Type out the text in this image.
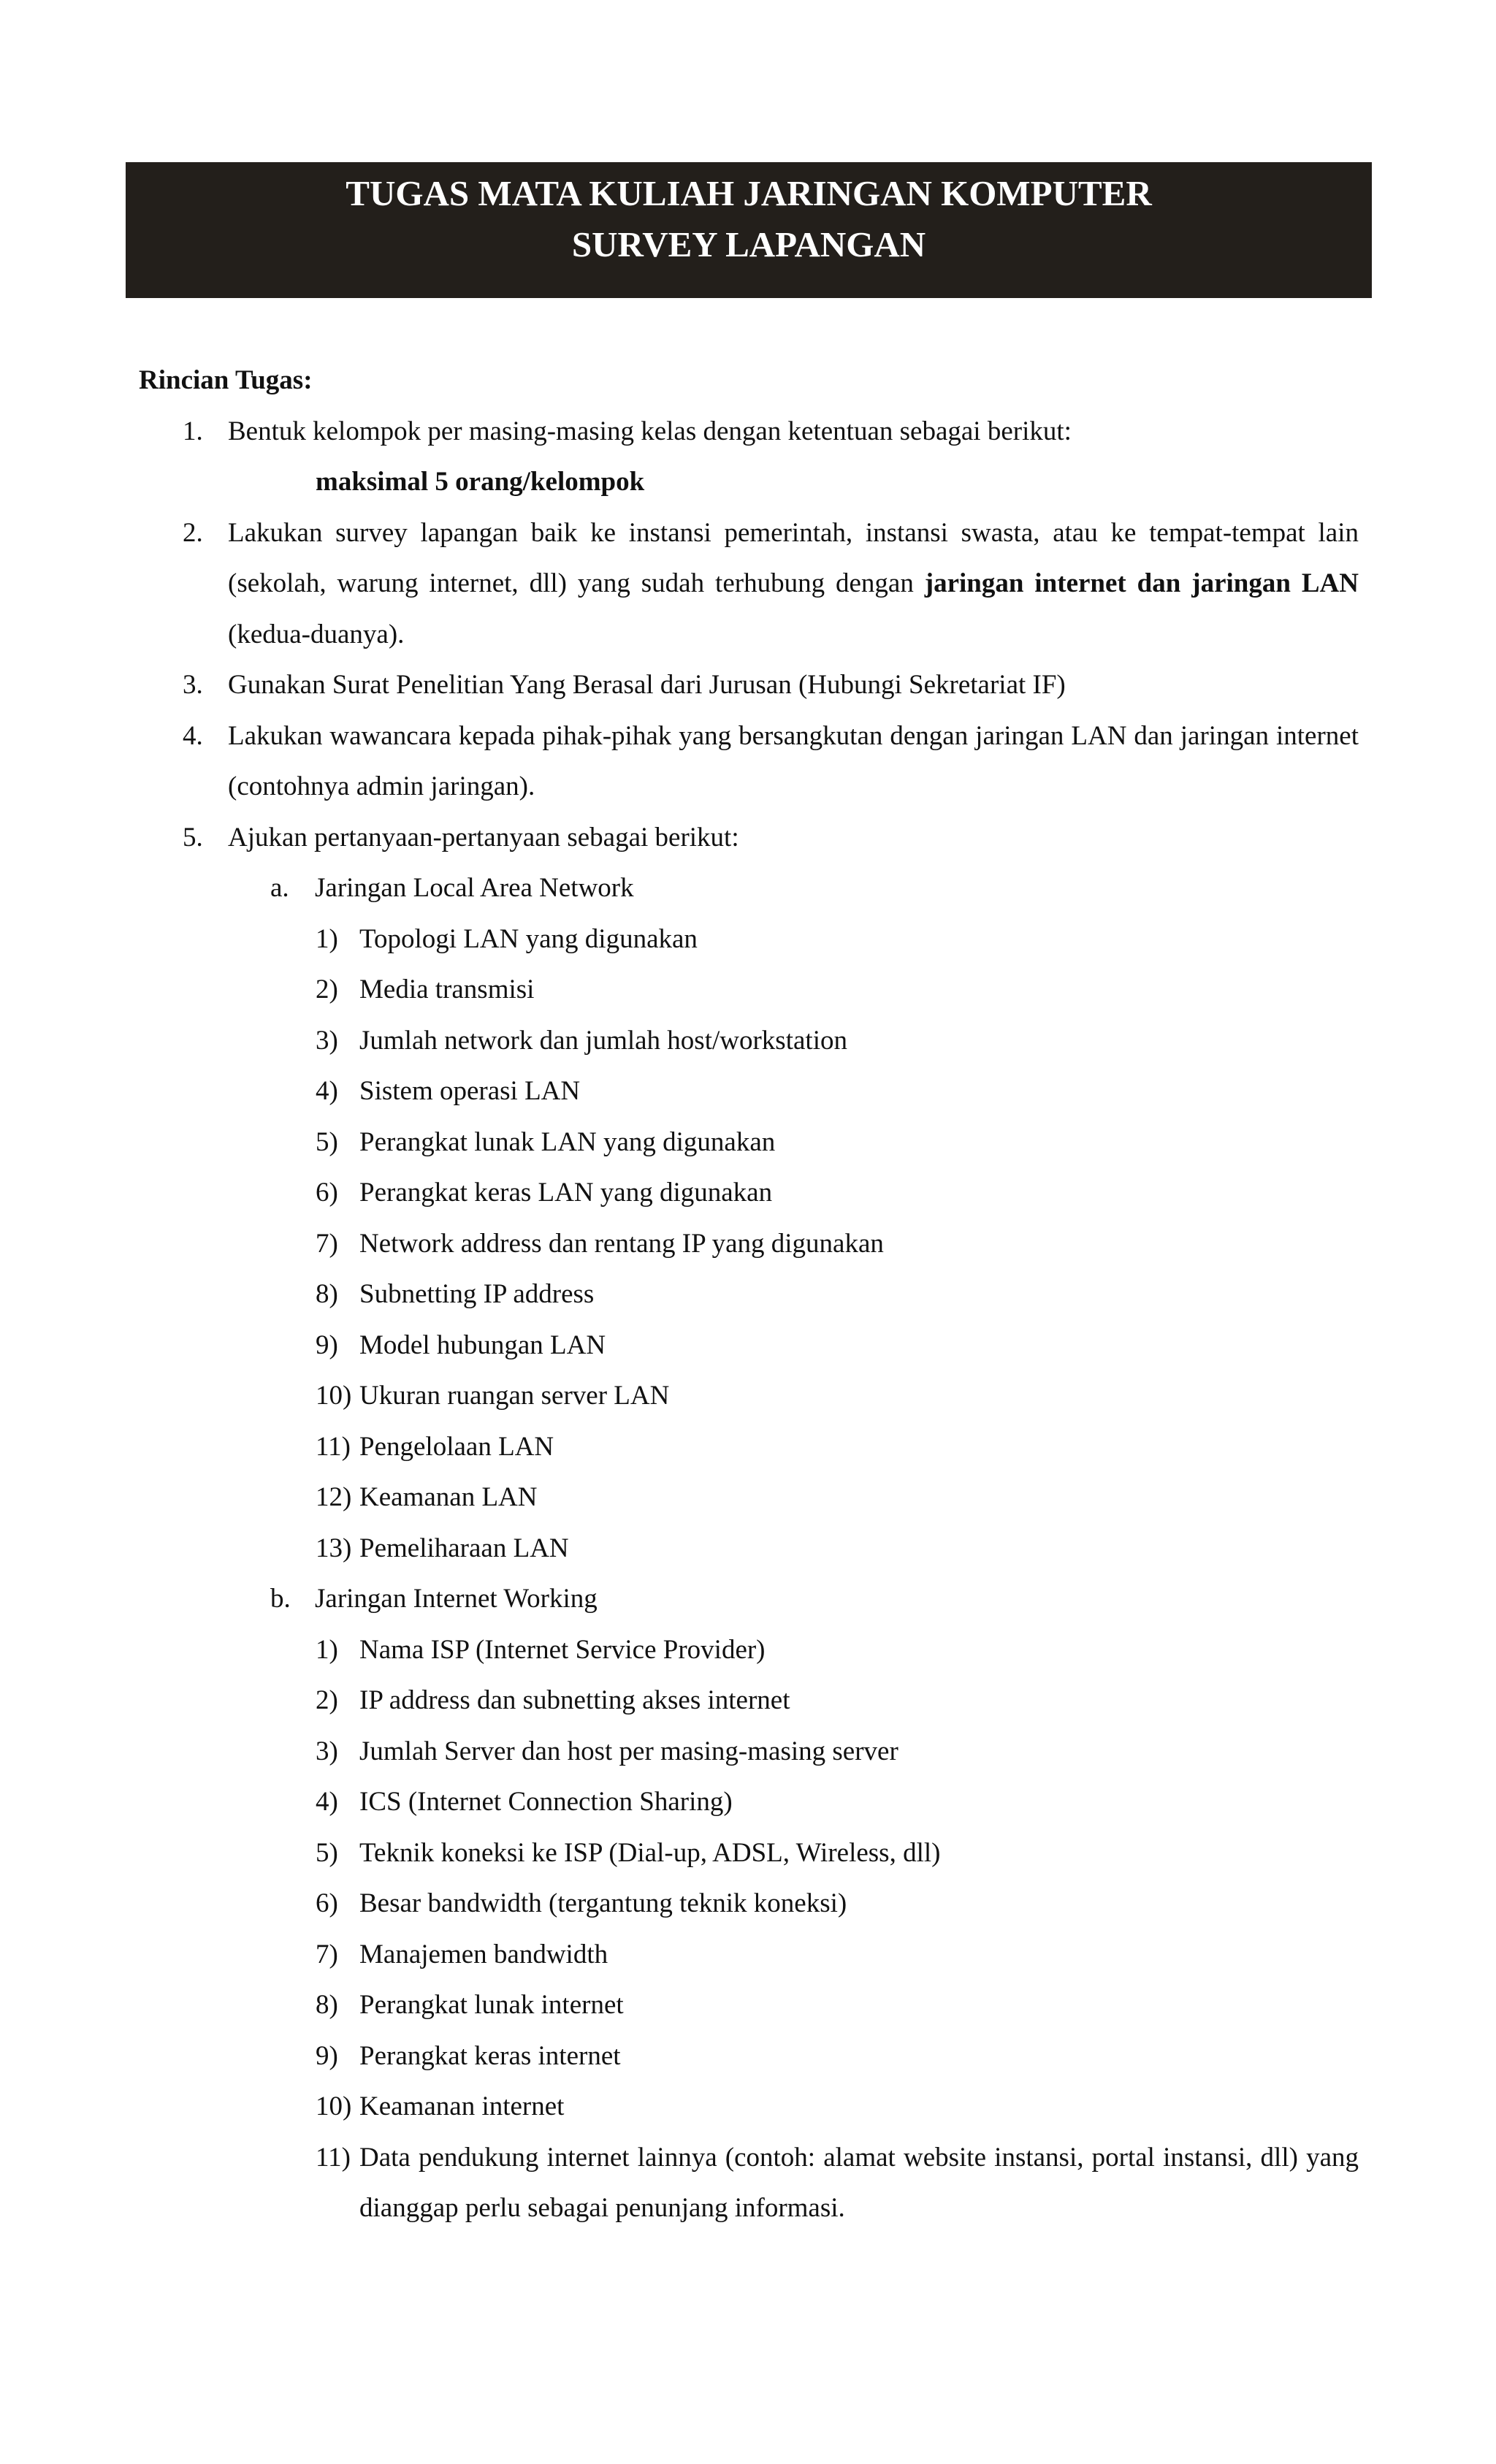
TUGAS MATA KULIAH JARINGAN KOMPUTER
SURVEY LAPANGAN

Rincian Tugas:

1. Bentuk kelompok per masing-masing kelas dengan ketentuan sebagai berikut:
maksimal 5 orang/kelompok
2. Lakukan survey lapangan baik ke instansi pemerintah, instansi swasta, atau ke tempat-tempat lain (sekolah, warung internet, dll) yang sudah terhubung dengan jaringan internet dan jaringan LAN (kedua-duanya).
3. Gunakan Surat Penelitian Yang Berasal dari Jurusan (Hubungi Sekretariat IF)
4. Lakukan wawancara kepada pihak-pihak yang bersangkutan dengan jaringan LAN dan jaringan internet (contohnya admin jaringan).
5. Ajukan pertanyaan-pertanyaan sebagai berikut:
a. Jaringan Local Area Network
1) Topologi LAN yang digunakan
2) Media transmisi
3) Jumlah network dan jumlah host/workstation
4) Sistem operasi LAN
5) Perangkat lunak LAN yang digunakan
6) Perangkat keras LAN yang digunakan
7) Network address dan rentang IP yang digunakan
8) Subnetting IP address
9) Model hubungan LAN
10) Ukuran ruangan server LAN
11) Pengelolaan LAN
12) Keamanan LAN
13) Pemeliharaan LAN
b. Jaringan Internet Working
1) Nama ISP (Internet Service Provider)
2) IP address dan subnetting akses internet
3) Jumlah Server dan host per masing-masing server
4) ICS (Internet Connection Sharing)
5) Teknik koneksi ke ISP (Dial-up, ADSL, Wireless, dll)
6) Besar bandwidth (tergantung teknik koneksi)
7) Manajemen bandwidth
8) Perangkat lunak internet
9) Perangkat keras internet
10) Keamanan internet
11) Data pendukung internet lainnya (contoh: alamat website instansi, portal instansi, dll) yang dianggap perlu sebagai penunjang informasi.
